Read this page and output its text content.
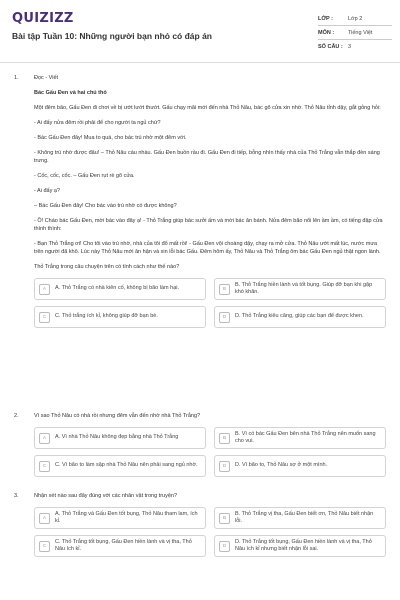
QUIZIZZ
Bài tập Tuần 10: Những người bạn nhỏ có đáp án
LỚP :	Lớp 2
MÔN :	Tiếng Việt
SỐ CÂU : 3
1.	Đọc - Viết

Bác Gấu Đen và hai chú thỏ

Một đêm bão, Gấu Đen đi chơi về bị ướt lướt thướt. Gấu chạy mãi mới đến nhà Thỏ Nâu, bác gõ cửa xin nhờ. Thỏ Nâu tỉnh dậy, gắt gỏng hỏi:

- Ai đấy nửa đêm rồi phải để cho người ta ngủ chứ?

- Bác Gấu Đen đây! Mua to quá, cho bác trú nhờ một đêm với.

- Không trú nhờ được đâu! – Thỏ Nâu cáu nhàu. Gấu Đen buồn rầu đi. Gấu Đen đi tiếp, bỗng nhìn thấy nhà của Thỏ Trắng vẫn thắp đèn sáng trưng.

- Cốc, cốc, cốc. – Gấu Đen rụt rè gõ cửa.

- Ai đấy ạ?

– Bác Gấu Đen đây! Cho bác vào trú nhờ có được không?

- Ồ! Cháo bác Gấu Đen, mời bác vào đây ạ! - Thỏ Trắng giúp bác sưởi ấm và mời bác ăn bánh. Nửa đêm bão nổi lên ầm ầm, có tiếng đập cửa thình thình:

- Bạn Thỏ Trắng ơi! Cho tôi vào trú nhờ, nhà của tôi đổ mất rồi! - Gấu Đen vội choàng dậy, chạy ra mở cửa. Thỏ Nâu ướt mất lúc, nước mưa trên người đã khô. Lúc này Thỏ Nâu mới ân hận và xin lỗi bác Gấu. Đêm hôm ấy, Thỏ Nâu và Thỏ Trắng ôm bác Gấu Đen ngủ thật ngon lành.

Thỏ Trắng trong câu chuyện trên có tính cách như thế nào?

A	A. Thỏ Trắng có nhà kiên cố, không bị bão làm hại.	B
B. Thỏ Trắng hiền lành và tốt bụng. Giúp đỡ bạn khi gặp khó khăn.
C	C. Thỏ trắng ích kỉ, không giúp đỡ bạn bè.	D	D. Thỏ Trắng kiêu căng, giúp các bạn để được khen.
2.	Vì sao Thỏ Nâu có nhà rồi nhưng đêm vẫn đến nhờ nhà Thỏ Trắng?

A	A. Vì nhà Thỏ Nâu không đẹp bằng nhà Thỏ Trắng	B
B. Vì có bác Gấu Đen bên nhà Thỏ Trắng nên muốn sang cho vui.
C	C. Vì bão to làm sập nhà Thỏ Nâu nên phải sang ngủ nhờ.	D	D. Vì bão to, Thỏ Nâu sợ ở một mình.
3.	Nhận xét nào sau đây đúng với các nhân vật trong truyện?

A
A. Thỏ Trắng và Gấu Đen tốt bụng, Thỏ Nâu tham lam, ích kỉ.
B
B. Thỏ Trắng vị tha, Gấu Đen biết ơn, Thỏ Nâu biết nhận lỗi.
C
C. Thỏ Trắng tốt bụng, Gấu Đen hiền lành và vị tha, Thỏ Nâu ích kỉ.
D
D. Thỏ Trắng tốt bụng, Gấu Đen hiền lành và vị tha, Thỏ Nâu ích kỉ nhưng biết nhận lỗi sai.
